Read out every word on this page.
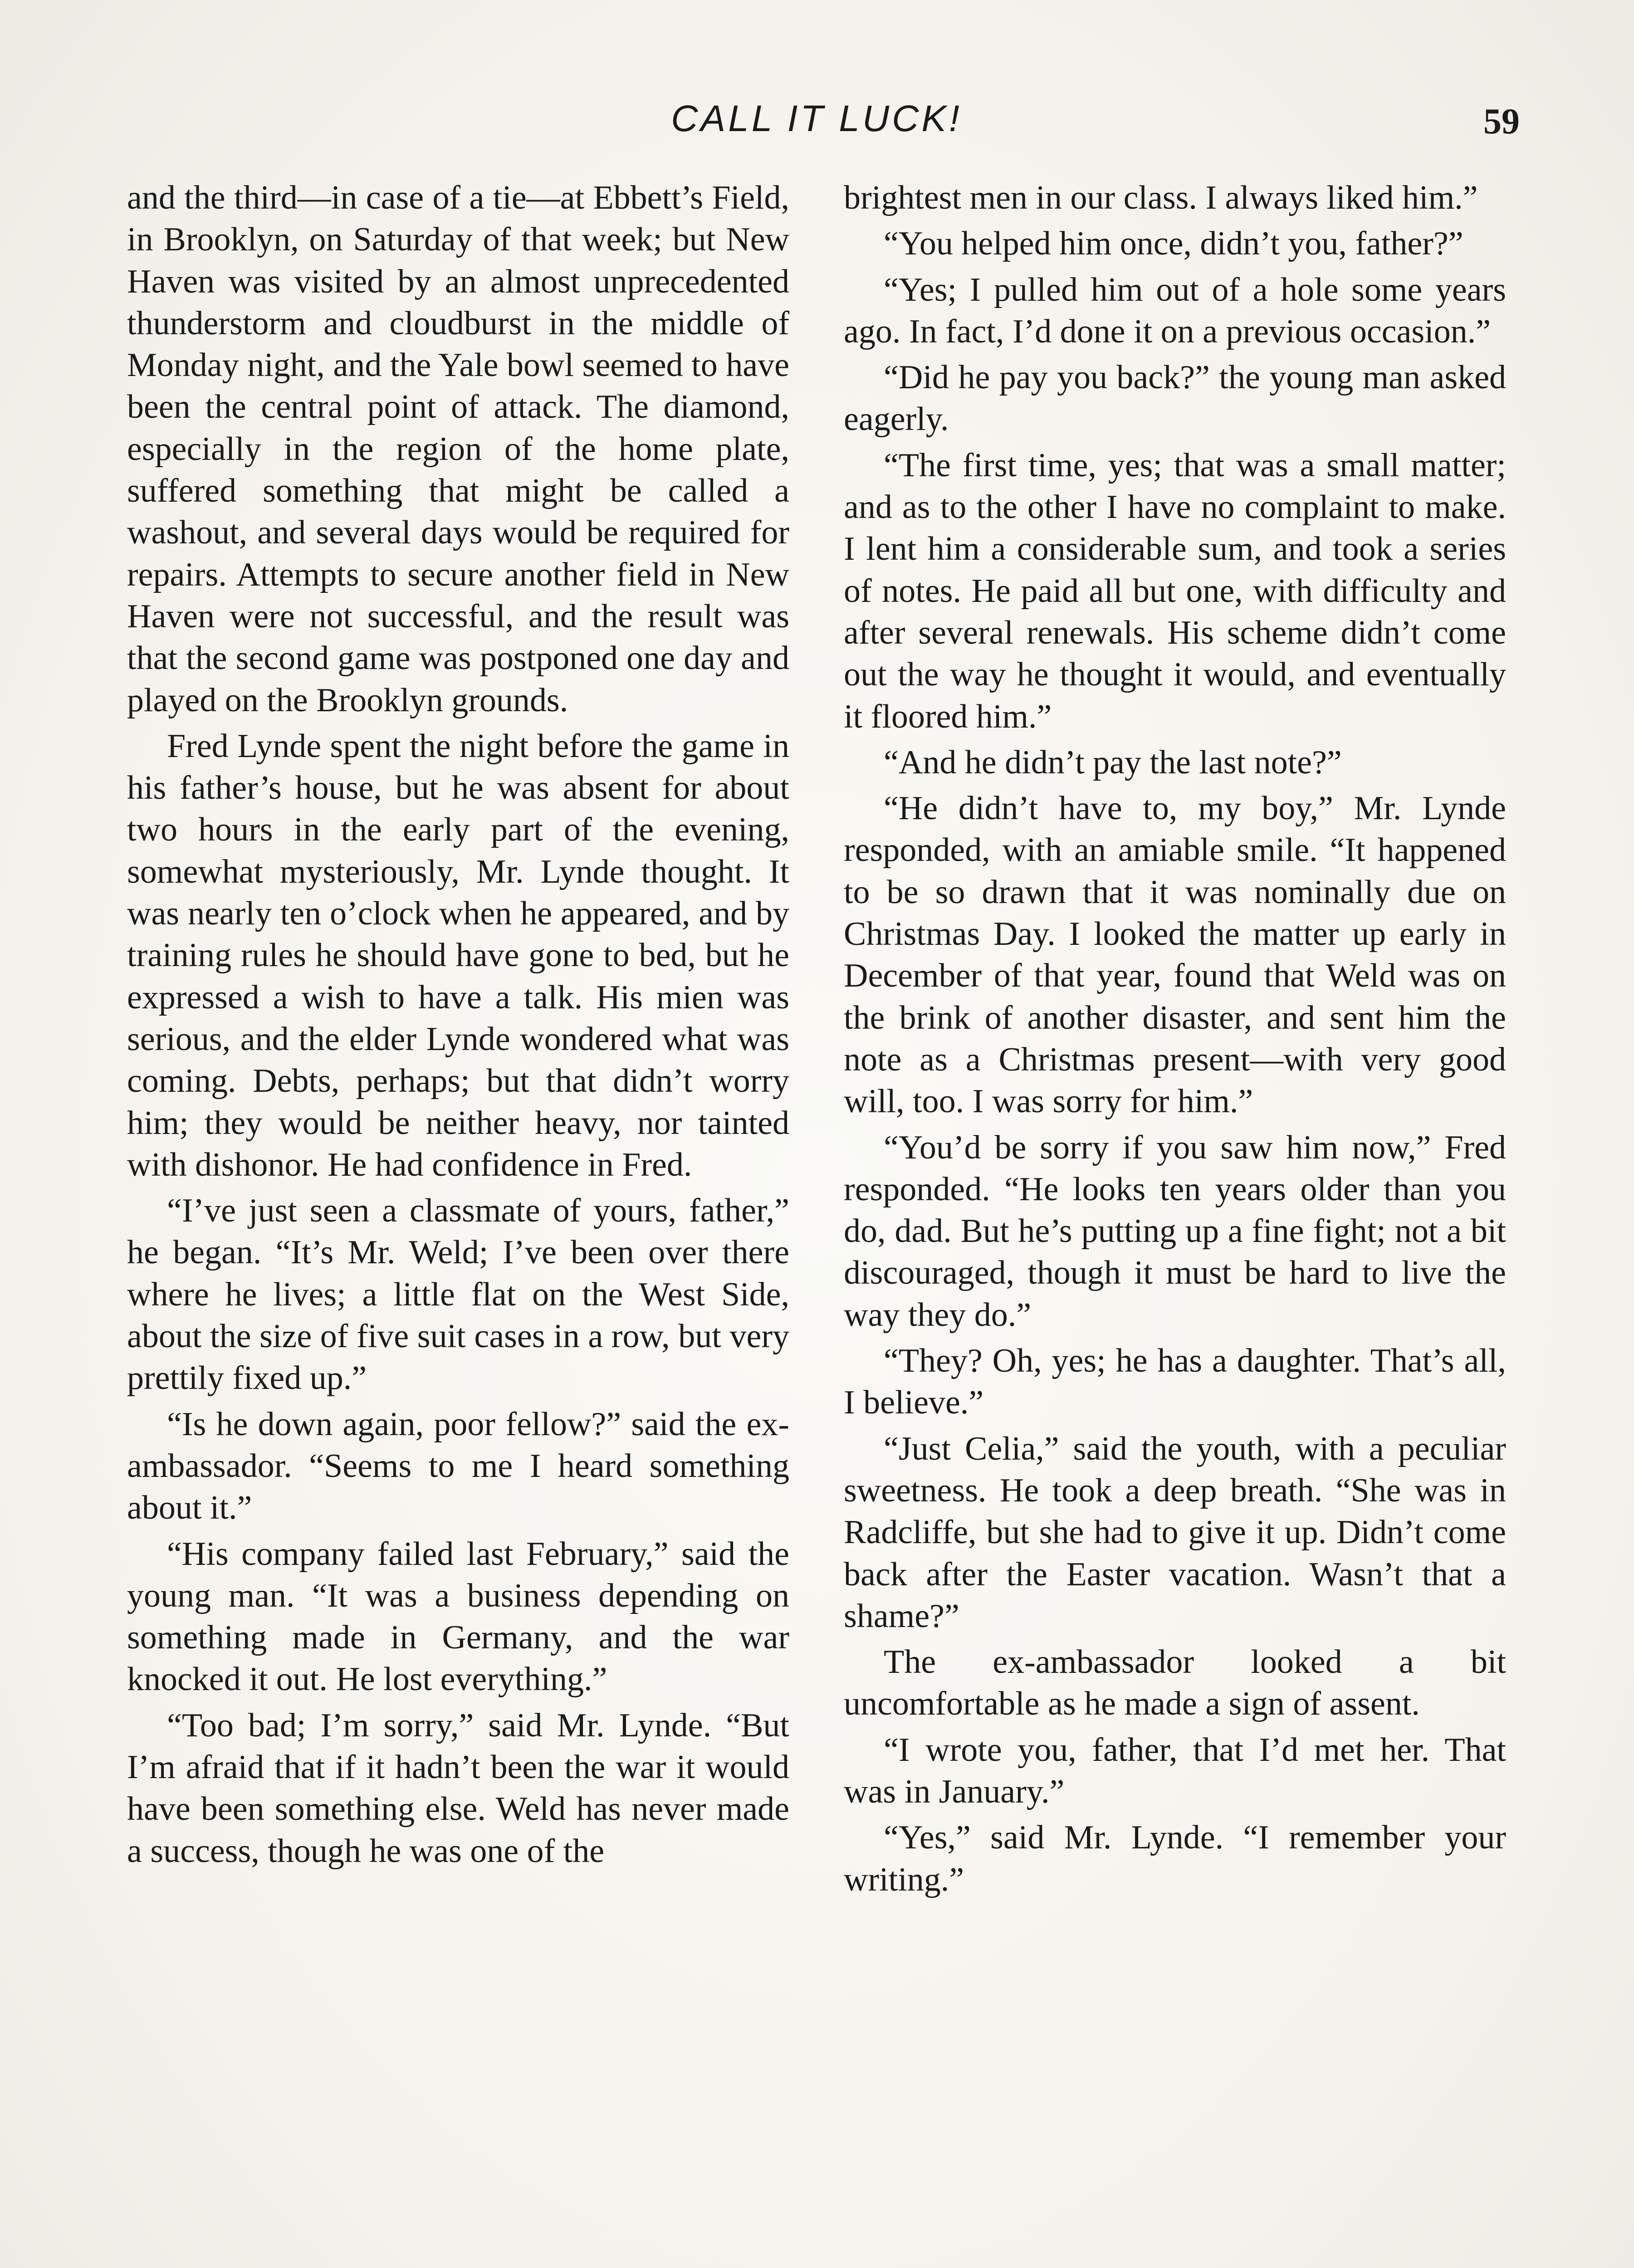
CALL IT LUCK!	59

and the third—in case of a tie—at Ebbett’s Field, in Brooklyn, on Saturday of that week; but New Haven was visited by an almost unprecedented thunderstorm and cloudburst in the middle of Monday night, and the Yale bowl seemed to have been the central point of attack. The diamond, especially in the region of the home plate, suffered something that might be called a washout, and several days would be required for repairs. Attempts to secure another field in New Haven were not successful, and the result was that the second game was postponed one day and played on the Brooklyn grounds.

Fred Lynde spent the night before the game in his father’s house, but he was absent for about two hours in the early part of the evening, somewhat mysteriously, Mr. Lynde thought. It was nearly ten o’clock when he appeared, and by training rules he should have gone to bed, but he expressed a wish to have a talk. His mien was serious, and the elder Lynde wondered what was coming. Debts, perhaps; but that didn’t worry him; they would be neither heavy, nor tainted with dishonor. He had confidence in Fred.

“I’ve just seen a classmate of yours, father,” he began. “It’s Mr. Weld; I’ve been over there where he lives; a little flat on the West Side, about the size of five suit cases in a row, but very prettily fixed up.”

“Is he down again, poor fellow?” said the ex-ambassador. “Seems to me I heard something about it.”

“His company failed last February,” said the young man. “It was a business depending on something made in Germany, and the war knocked it out. He lost everything.”

“Too bad; I’m sorry,” said Mr. Lynde. “But I’m afraid that if it hadn’t been the war it would have been something else. Weld has never made a success, though he was one of the

brightest men in our class. I always liked him.”

“You helped him once, didn’t you, father?”

“Yes; I pulled him out of a hole some years ago. In fact, I’d done it on a previous occasion.”

“Did he pay you back?” the young man asked eagerly.

“The first time, yes; that was a small matter; and as to the other I have no complaint to make. I lent him a considerable sum, and took a series of notes. He paid all but one, with difficulty and after several renewals. His scheme didn’t come out the way he thought it would, and eventually it floored him.”

“And he didn’t pay the last note?”

“He didn’t have to, my boy,” Mr. Lynde responded, with an amiable smile. “It happened to be so drawn that it was nominally due on Christmas Day. I looked the matter up early in December of that year, found that Weld was on the brink of another disaster, and sent him the note as a Christmas present—with very good will, too. I was sorry for him.”

“You’d be sorry if you saw him now,” Fred responded. “He looks ten years older than you do, dad. But he’s putting up a fine fight; not a bit discouraged, though it must be hard to live the way they do.”

“They? Oh, yes; he has a daughter. That’s all, I believe.”

“Just Celia,” said the youth, with a peculiar sweetness. He took a deep breath. “She was in Radcliffe, but she had to give it up. Didn’t come back after the Easter vacation. Wasn’t that a shame?”

The ex-ambassador looked a bit uncomfortable as he made a sign of assent.

“I wrote you, father, that I’d met her. That was in January.”

“Yes,” said Mr. Lynde. “I remember your writing.”
